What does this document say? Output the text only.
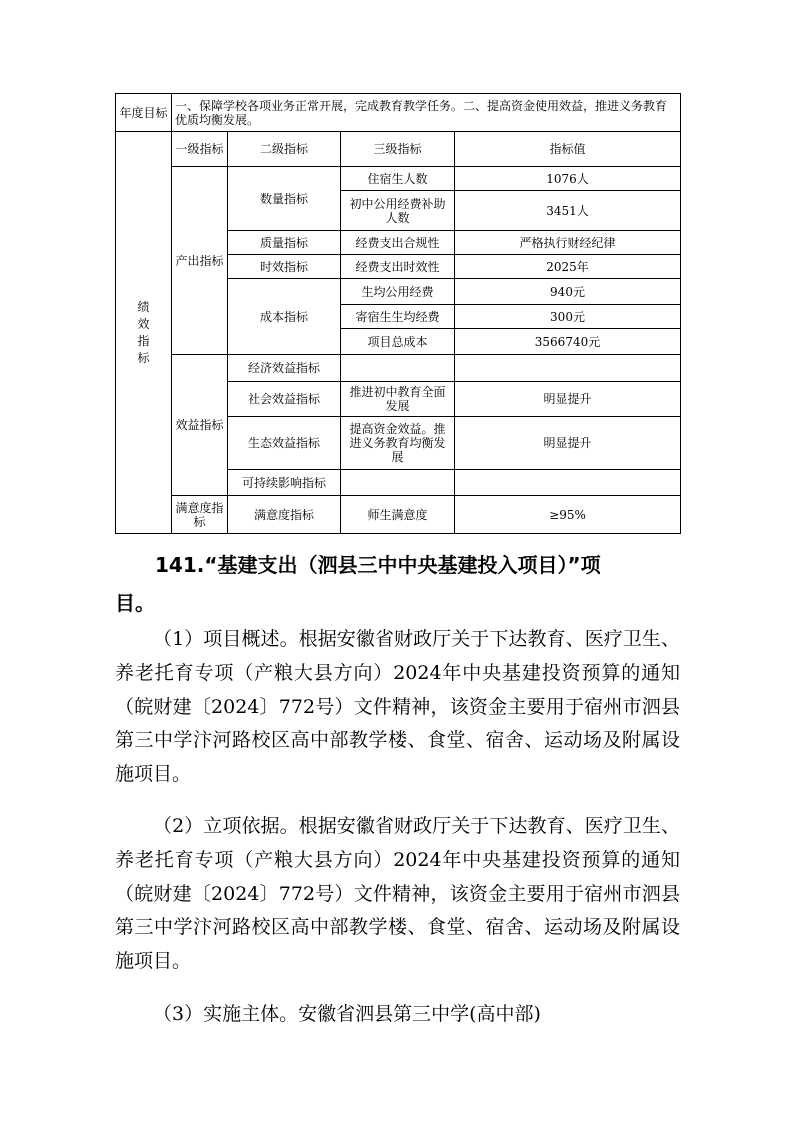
年度目标	一、保障学校各项业务正常开展，完成教育教学任务。二、提高资金使用效益，推进义务教育优质均衡发展。			
绩效指标	一级指标	二级指标	三级指标	指标值
	产出指标	数量指标	住宿生人数	1076人
			初中公用经费补助人数	3451人
		质量指标	经费支出合规性	严格执行财经纪律
		时效指标	经费支出时效性	2025年
		成本指标	生均公用经费	940元
			寄宿生生均经费	300元
			项目总成本	3566740元
	效益指标	经济效益指标		
		社会效益指标	推进初中教育全面发展	明显提升
		生态效益指标	提高资金效益。推进义务教育均衡发展	明显提升
		可持续影响指标		
	满意度指标	满意度指标	师生满意度	≥95%
141.“基建支出（泗县三中中央基建投入项目）”项
目。

（1）项目概述。根据安徽省财政厅关于下达教育、医疗卫生、养老托育专项（产粮大县方向）2024年中央基建投资预算的通知（皖财建〔2024〕772号）文件精神，该资金主要用于宿州市泗县第三中学汴河路校区高中部教学楼、食堂、宿舍、运动场及附属设施项目。

（2）立项依据。根据安徽省财政厅关于下达教育、医疗卫生、养老托育专项（产粮大县方向）2024年中央基建投资预算的通知（皖财建〔2024〕772号）文件精神，该资金主要用于宿州市泗县第三中学汴河路校区高中部教学楼、食堂、宿舍、运动场及附属设施项目。

（3）实施主体。安徽省泗县第三中学(高中部)
